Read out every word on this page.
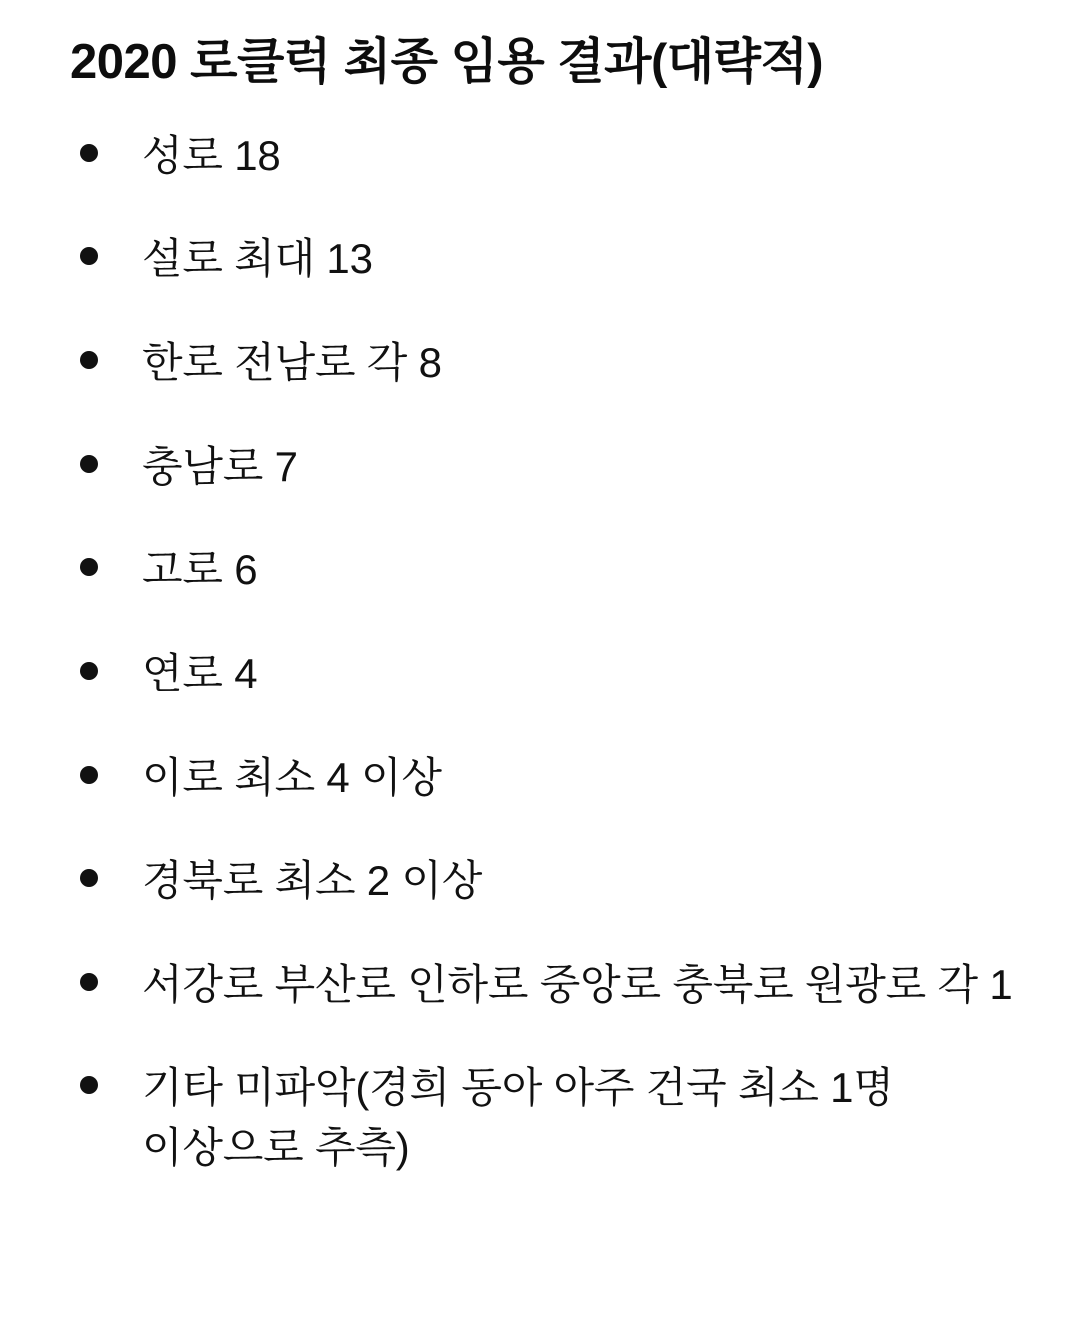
2020 로클럭 최종 임용 결과(대략적)
성로 18
설로 최대 13
한로 전남로 각 8
충남로 7
고로 6
연로 4
이로 최소 4 이상
경북로 최소 2 이상
서강로 부산로 인하로 중앙로 충북로 원광로 각 1
기타 미파악(경희 동아 아주 건국 최소 1명 이상으로 추측)
